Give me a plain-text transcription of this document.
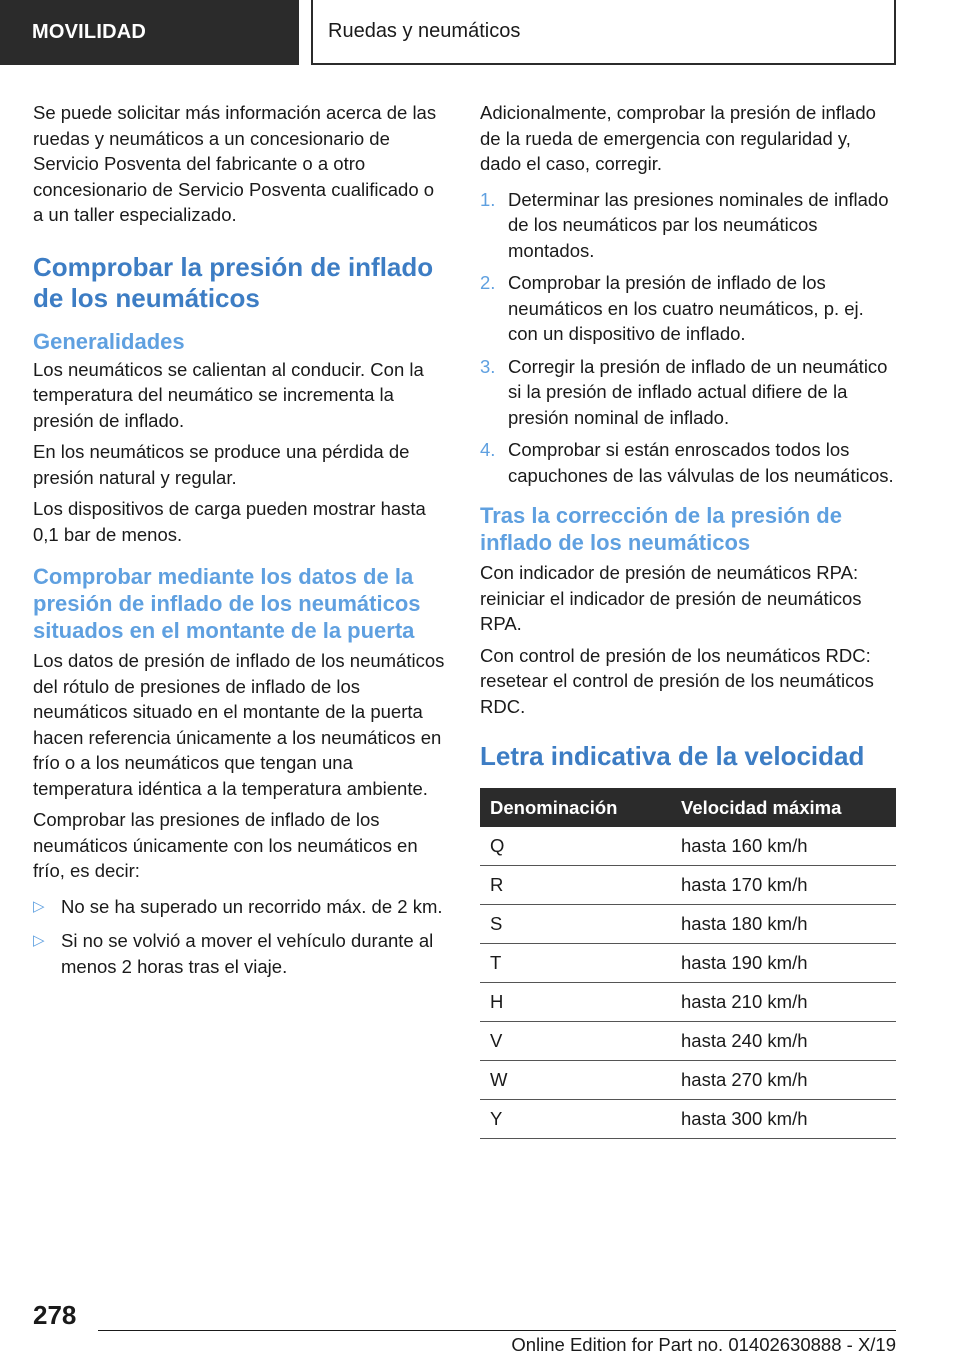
MOVILIDAD	Ruedas y neumáticos

Se puede solicitar más información acerca de las ruedas y neumáticos a un concesionario de Servicio Posventa del fabricante o a otro concesionario de Servicio Posventa cualificado o a un taller especializado.

Comprobar la presión de inflado de los neumáticos
Generalidades

Los neumáticos se calientan al conducir. Con la temperatura del neumático se incrementa la presión de inflado.

En los neumáticos se produce una pérdida de presión natural y regular.

Los dispositivos de carga pueden mostrar hasta 0,1 bar de menos.

Comprobar mediante los datos de la presión de inflado de los neumáticos situados en el montante de la puerta

Los datos de presión de inflado de los neumáticos del rótulo de presiones de inflado de los neumáticos situado en el montante de la puerta hacen referencia únicamente a los neumáticos en frío o a los neumáticos que tengan una temperatura idéntica a la temperatura ambiente.

Comprobar las presiones de inflado de los neumáticos únicamente con los neumáticos en frío, es decir:

▷ No se ha superado un recorrido máx. de 2 km.
▷ Si no se volvió a mover el vehículo durante al menos 2 horas tras el viaje.

Adicionalmente, comprobar la presión de inflado de la rueda de emergencia con regularidad y, dado el caso, corregir.

1. Determinar las presiones nominales de inflado de los neumáticos par los neumáticos montados.
2. Comprobar la presión de inflado de los neumáticos en los cuatro neumáticos, p. ej. con un dispositivo de inflado.
3. Corregir la presión de inflado de un neumático si la presión de inflado actual difiere de la presión nominal de inflado.
4. Comprobar si están enroscados todos los capuchones de las válvulas de los neumáticos.
Tras la corrección de la presión de inflado de los neumáticos

Con indicador de presión de neumáticos RPA: reiniciar el indicador de presión de neumáticos RPA.

Con control de presión de los neumáticos RDC: resetear el control de presión de los neumáticos RDC.

Letra indicativa de la velocidad
Denominación	Velocidad máxima
Q	hasta 160 km/h
R	hasta 170 km/h
S	hasta 180 km/h
T	hasta 190 km/h
H	hasta 210 km/h
V	hasta 240 km/h
W	hasta 270 km/h
Y	hasta 300 km/h
278
Online Edition for Part no. 01402630888 - X/19
